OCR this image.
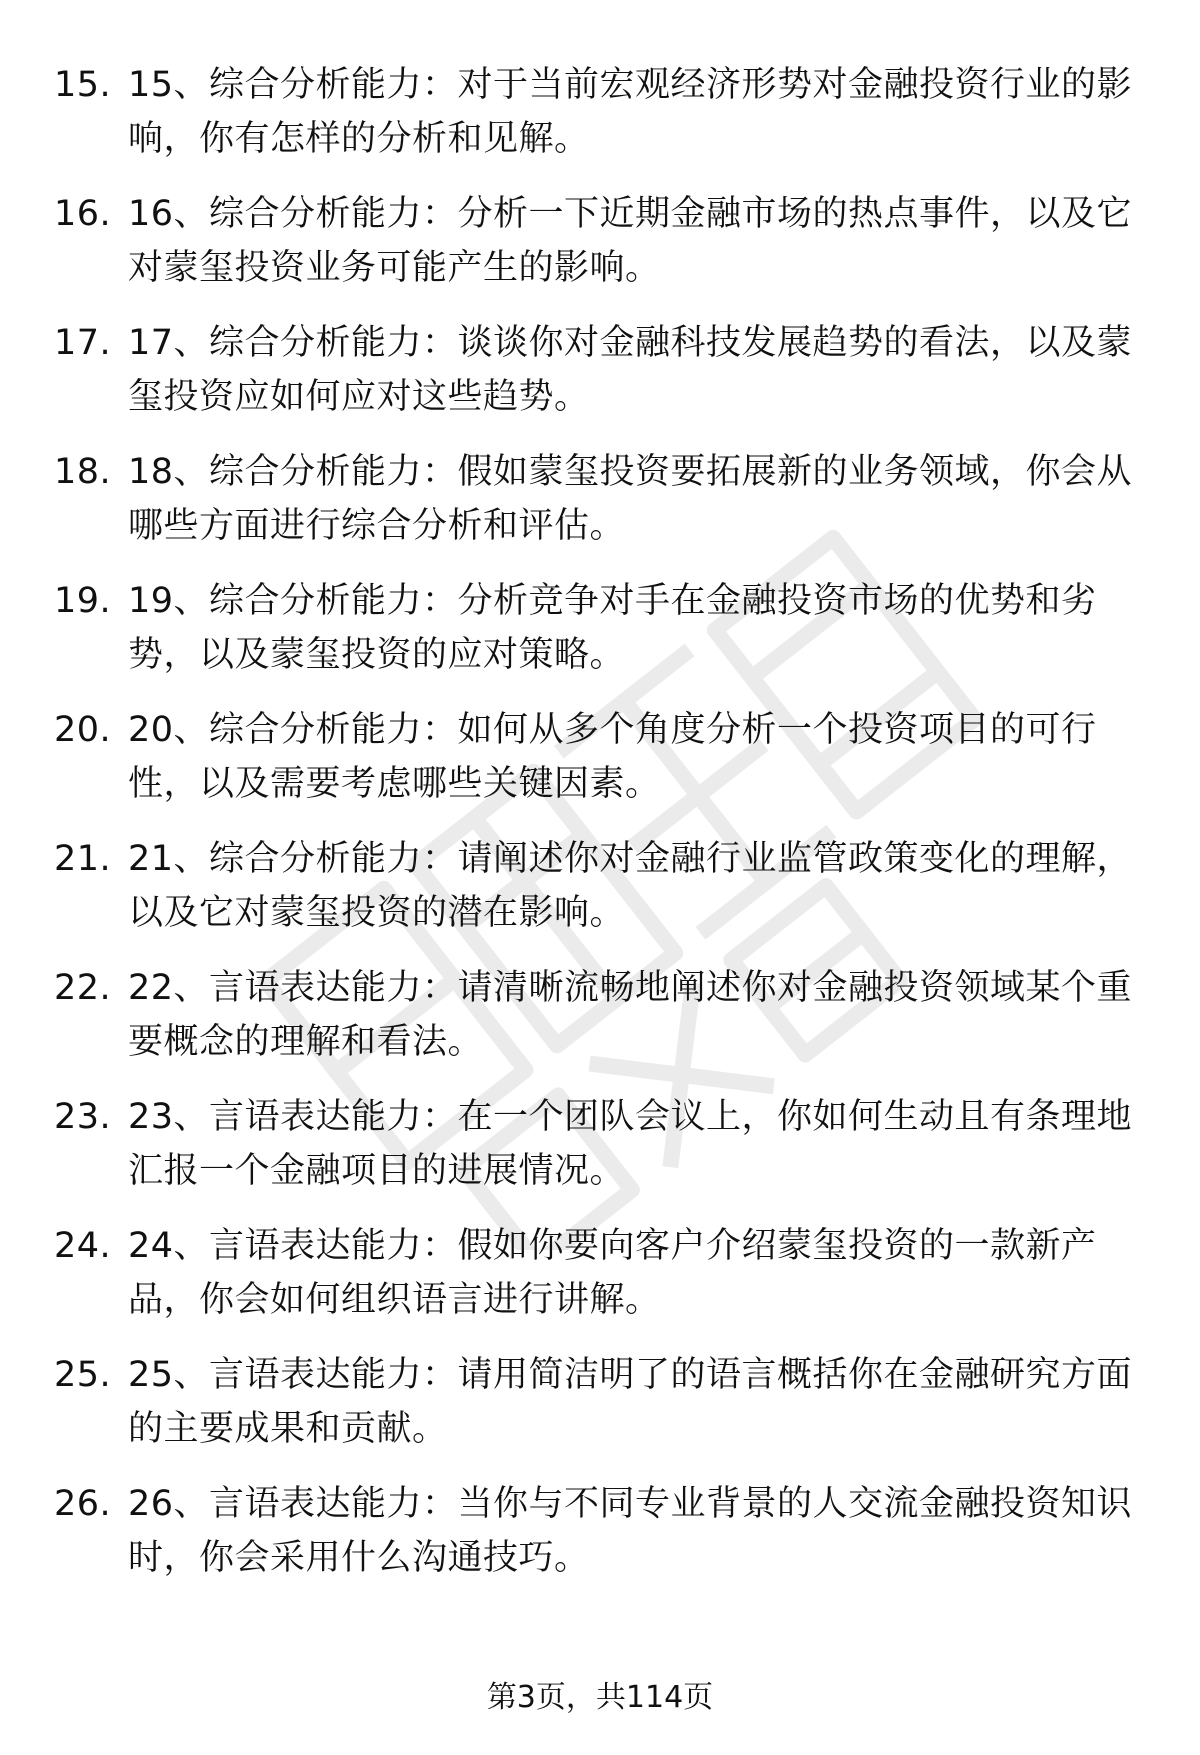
15. 15、综合分析能力：对于当前宏观经济形势对金融投资行业的影响，你有怎样的分析和见解。
16. 16、综合分析能力：分析一下近期金融市场的热点事件，以及它对蒙玺投资业务可能产生的影响。
17. 17、综合分析能力：谈谈你对金融科技发展趋势的看法，以及蒙玺投资应如何应对这些趋势。
18. 18、综合分析能力：假如蒙玺投资要拓展新的业务领域，你会从哪些方面进行综合分析和评估。
19. 19、综合分析能力：分析竞争对手在金融投资市场的优势和劣势，以及蒙玺投资的应对策略。
20. 20、综合分析能力：如何从多个角度分析一个投资项目的可行性，以及需要考虑哪些关键因素。
21. 21、综合分析能力：请阐述你对金融行业监管政策变化的理解，以及它对蒙玺投资的潜在影响。
22. 22、言语表达能力：请清晰流畅地阐述你对金融投资领域某个重要概念的理解和看法。
23. 23、言语表达能力：在一个团队会议上，你如何生动且有条理地汇报一个金融项目的进展情况。
24. 24、言语表达能力：假如你要向客户介绍蒙玺投资的一款新产品，你会如何组织语言进行讲解。
25. 25、言语表达能力：请用简洁明了的语言概括你在金融研究方面的主要成果和贡献。
26. 26、言语表达能力：当你与不同专业背景的人交流金融投资知识时，你会采用什么沟通技巧。
第3页，共114页
